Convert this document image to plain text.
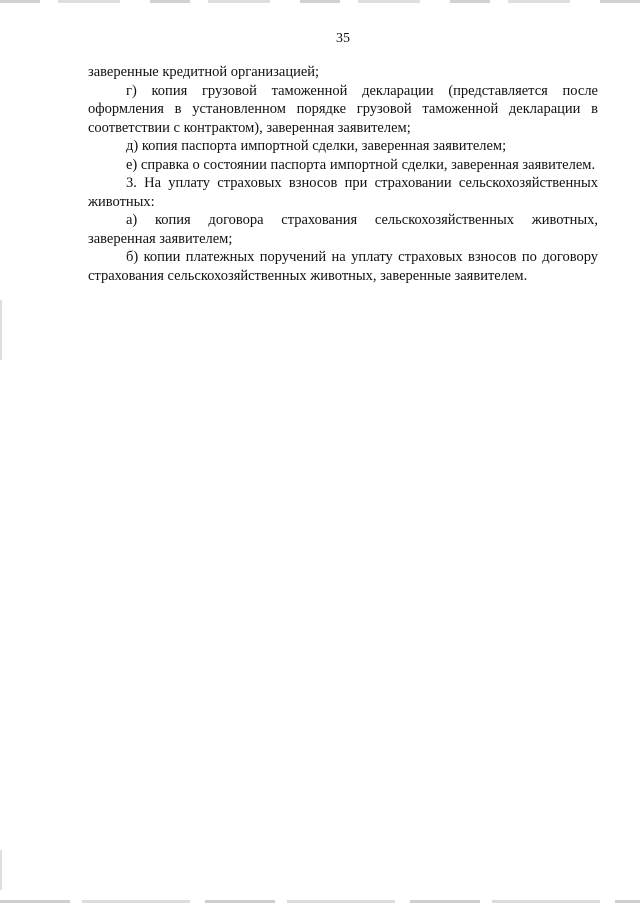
35

заверенные кредитной организацией;

г) копия грузовой таможенной декларации (представляется после оформления в установленном порядке грузовой таможенной декларации в соответствии с контрактом), заверенная заявителем;

д) копия паспорта импортной сделки, заверенная заявителем;

е) справка о состоянии паспорта импортной сделки, заверенная заявителем.

3. На уплату страховых взносов при страховании сельскохозяйственных животных:

а) копия договора страхования сельскохозяйственных животных, заверенная заявителем;

б) копии платежных поручений на уплату страховых взносов по договору страхования сельскохозяйственных животных, заверенные заявителем.
